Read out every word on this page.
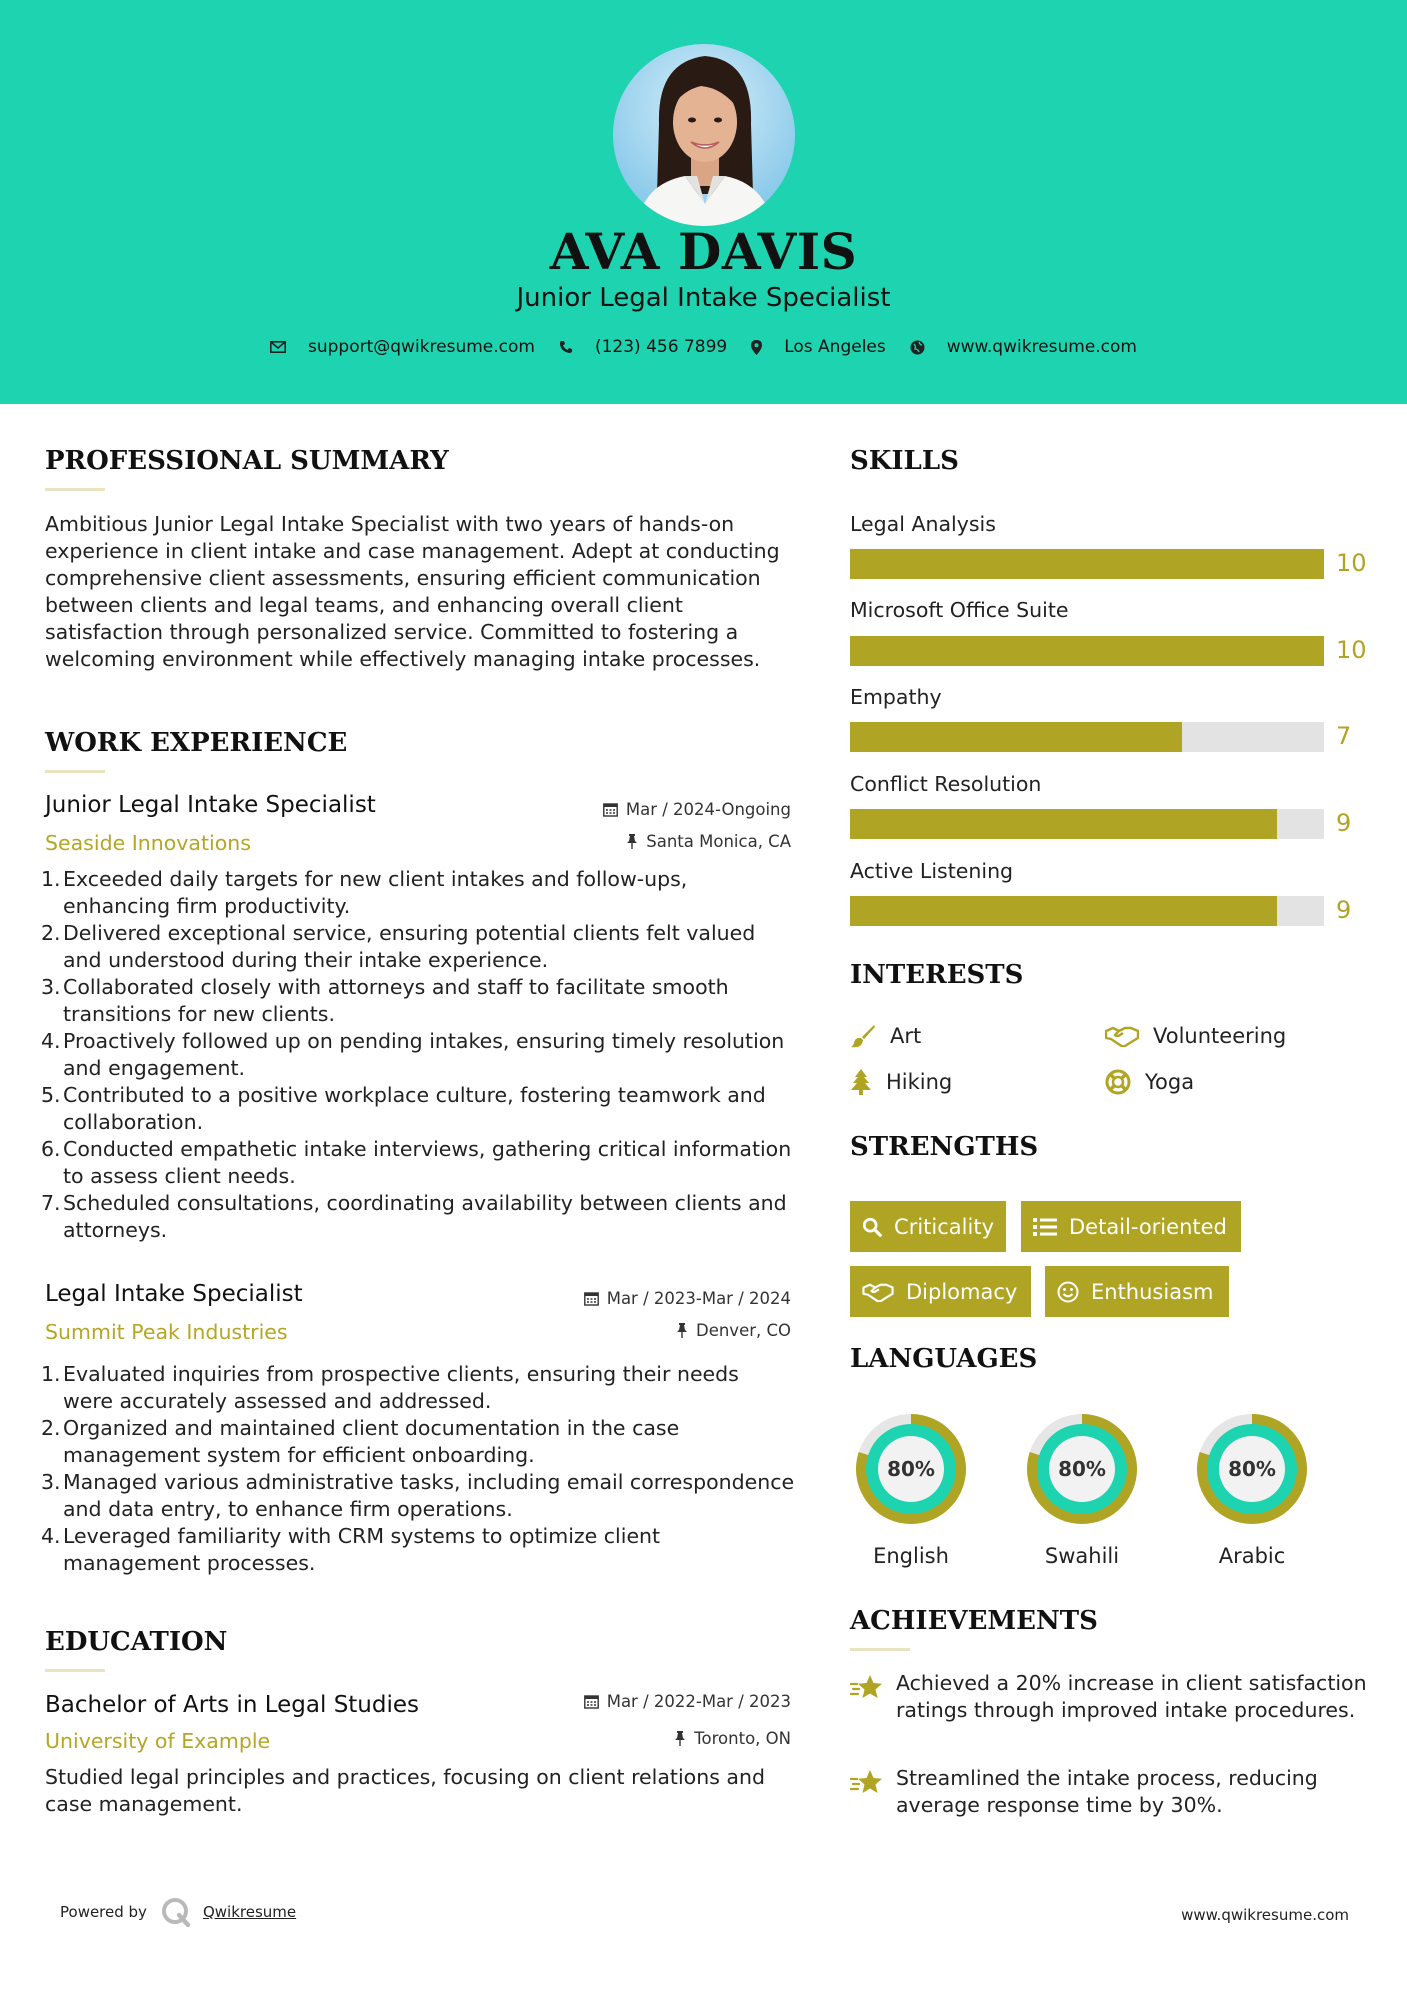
AVA DAVIS
Junior Legal Intake Specialist
support@qwikresume.com	(123) 456 7899	Los Angeles	www.qwikresume.com
PROFESSIONAL SUMMARY
Ambitious Junior Legal Intake Specialist with two years of hands-on experience in client intake and case management. Adept at conducting comprehensive client assessments, ensuring efficient communication between clients and legal teams, and enhancing overall client satisfaction through personalized service. Committed to fostering a welcoming environment while effectively managing intake processes.
WORK EXPERIENCE
Junior Legal Intake Specialist	Mar / 2024-Ongoing
Seaside Innovations	Santa Monica, CA
1. Exceeded daily targets for new client intakes and follow-ups, enhancing firm productivity.
2. Delivered exceptional service, ensuring potential clients felt valued and understood during their intake experience.
3. Collaborated closely with attorneys and staff to facilitate smooth transitions for new clients.
4. Proactively followed up on pending intakes, ensuring timely resolution and engagement.
5. Contributed to a positive workplace culture, fostering teamwork and collaboration.
6. Conducted empathetic intake interviews, gathering critical information to assess client needs.
7. Scheduled consultations, coordinating availability between clients and attorneys.
Legal Intake Specialist	Mar / 2023-Mar / 2024
Summit Peak Industries	Denver, CO
1. Evaluated inquiries from prospective clients, ensuring their needs were accurately assessed and addressed.
2. Organized and maintained client documentation in the case management system for efficient onboarding.
3. Managed various administrative tasks, including email correspondence and data entry, to enhance firm operations.
4. Leveraged familiarity with CRM systems to optimize client management processes.
EDUCATION
Bachelor of Arts in Legal Studies	Mar / 2022-Mar / 2023
University of Example	Toronto, ON
Studied legal principles and practices, focusing on client relations and case management.
SKILLS
Legal Analysis
10
Microsoft Office Suite
10
Empathy
7
Conflict Resolution
9
Active Listening
9
INTERESTS
Art	Volunteering
Hiking	Yoga
STRENGTHS
Criticality	Detail-oriented
Diplomacy	Enthusiasm
LANGUAGES
80%
English
80%
Swahili
80%
Arabic
ACHIEVEMENTS
Achieved a 20% increase in client satisfaction ratings through improved intake procedures.
Streamlined the intake process, reducing average response time by 30%.
Powered by	Qwikresume	www.qwikresume.com
